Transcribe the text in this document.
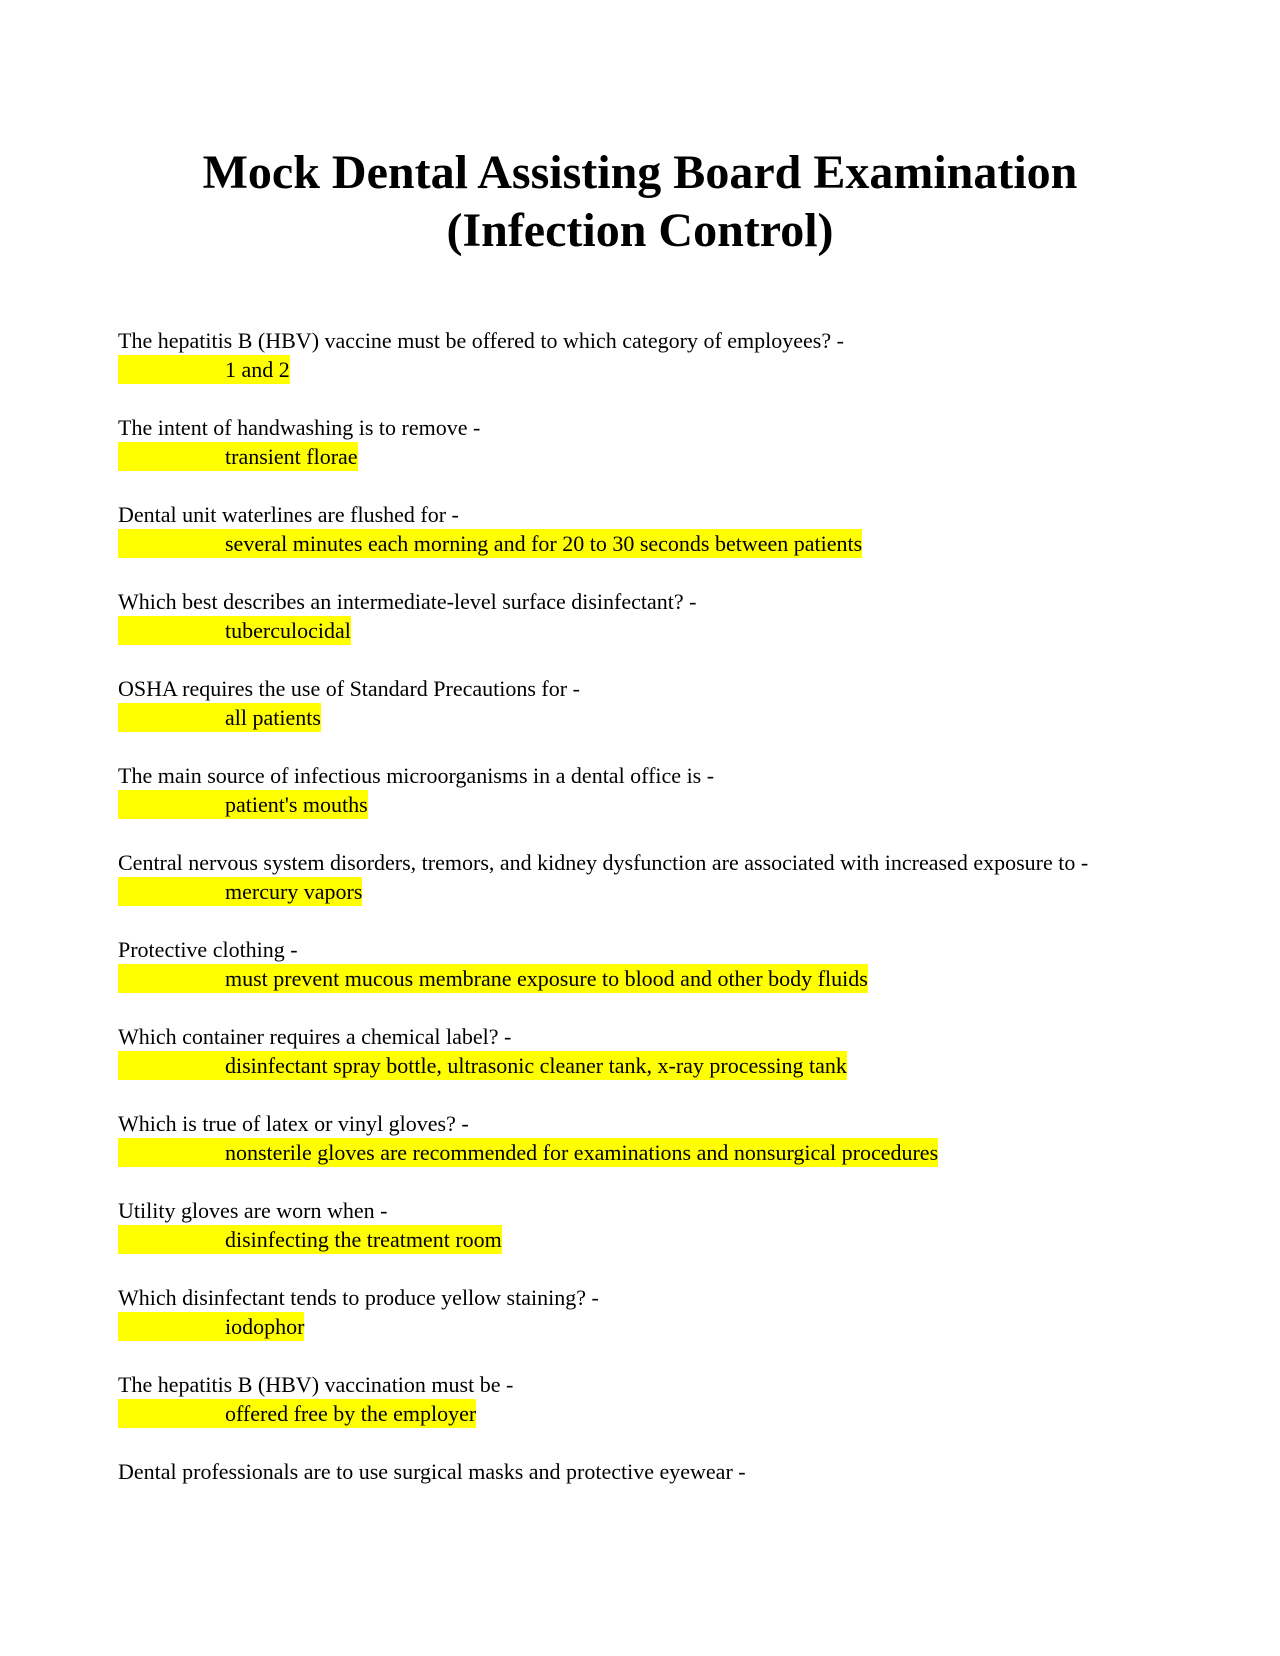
Mock Dental Assisting Board Examination
(Infection Control)

The hepatitis B (HBV) vaccine must be offered to which category of employees? -

1 and 2

The intent of handwashing is to remove -

transient florae

Dental unit waterlines are flushed for -

several minutes each morning and for 20 to 30 seconds between patients

Which best describes an intermediate-level surface disinfectant? -

tuberculocidal

OSHA requires the use of Standard Precautions for -

all patients

The main source of infectious microorganisms in a dental office is -

patient's mouths

Central nervous system disorders, tremors, and kidney dysfunction are associated with increased exposure to -

mercury vapors

Protective clothing -

must prevent mucous membrane exposure to blood and other body fluids

Which container requires a chemical label? -

disinfectant spray bottle, ultrasonic cleaner tank, x-ray processing tank

Which is true of latex or vinyl gloves? -

nonsterile gloves are recommended for examinations and nonsurgical procedures

Utility gloves are worn when -

disinfecting the treatment room

Which disinfectant tends to produce yellow staining? -

iodophor

The hepatitis B (HBV) vaccination must be -

offered free by the employer

Dental professionals are to use surgical masks and protective eyewear -
